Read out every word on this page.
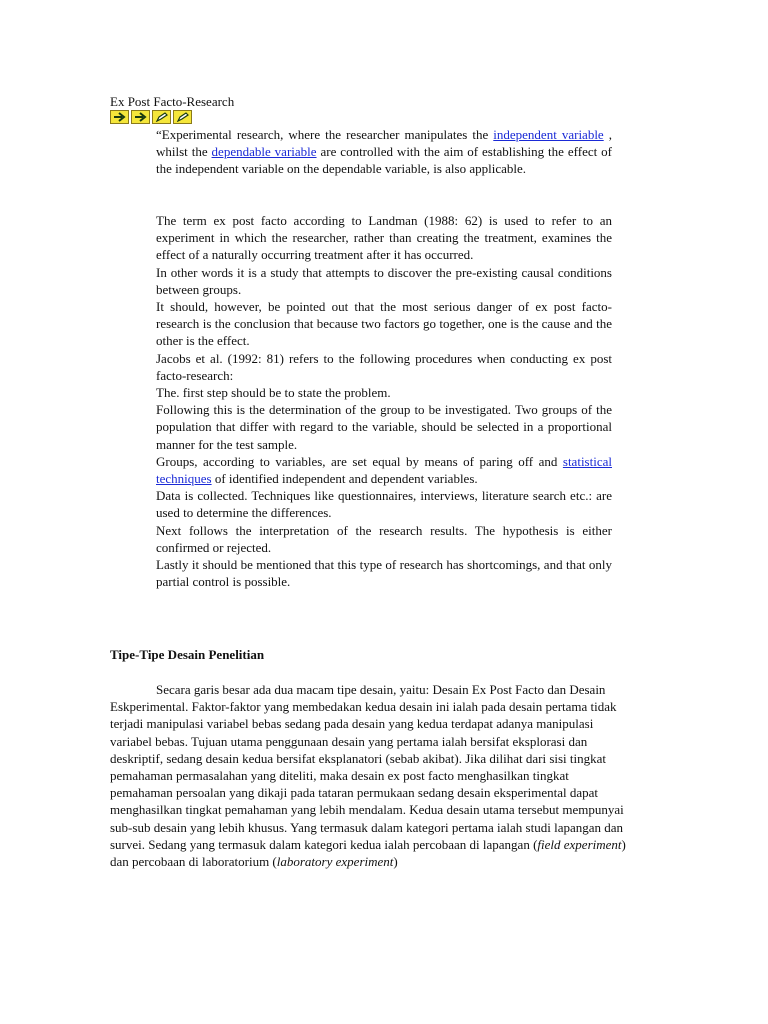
Ex Post Facto-Research

“Experimental research, where the researcher manipulates the independent variable , whilst the dependable variable are controlled with the aim of establishing the effect of the independent variable on the dependable variable, is also applicable.

The term ex post facto according to Landman (1988: 62) is used to refer to an experiment in which the researcher, rather than creating the treatment, examines the effect of a naturally occurring treatment after it has occurred.

In other words it is a study that attempts to discover the pre-existing causal conditions between groups.

It should, however, be pointed out that the most serious danger of ex post facto-research is the conclusion that because two factors go together, one is the cause and the other is the effect.

Jacobs et al. (1992: 81) refers to the following procedures when conducting ex post facto-research:

The. first step should be to state the problem.

Following this is the determination of the group to be investigated. Two groups of the population that differ with regard to the variable, should be selected in a proportional manner for the test sample.

Groups, according to variables, are set equal by means of paring off and statistical techniques of identified independent and dependent variables.

Data is collected. Techniques like questionnaires, interviews, literature search etc.: are used to determine the differences.

Next follows the interpretation of the research results. The hypothesis is either confirmed or rejected.

Lastly it should be mentioned that this type of research has shortcomings, and that only partial control is possible.

Tipe-Tipe Desain Penelitian

Secara garis besar ada dua macam tipe desain, yaitu: Desain Ex Post Facto dan Desain Eskperimental. Faktor-faktor yang membedakan kedua desain ini ialah pada desain pertama tidak terjadi manipulasi variabel bebas sedang pada desain yang kedua terdapat adanya manipulasi variabel bebas. Tujuan utama penggunaan desain yang pertama ialah bersifat eksplorasi dan deskriptif, sedang desain kedua bersifat eksplanatori (sebab akibat). Jika dilihat dari sisi tingkat pemahaman permasalahan yang diteliti, maka desain ex post facto menghasilkan tingkat pemahaman persoalan yang dikaji pada tataran permukaan sedang desain eksperimental dapat menghasilkan tingkat pemahaman yang lebih mendalam. Kedua desain utama tersebut mempunyai sub-sub desain yang lebih khusus. Yang termasuk dalam kategori pertama ialah studi lapangan dan survei. Sedang yang termasuk dalam kategori kedua ialah percobaan di lapangan (field experiment) dan percobaan di laboratorium (laboratory experiment)
